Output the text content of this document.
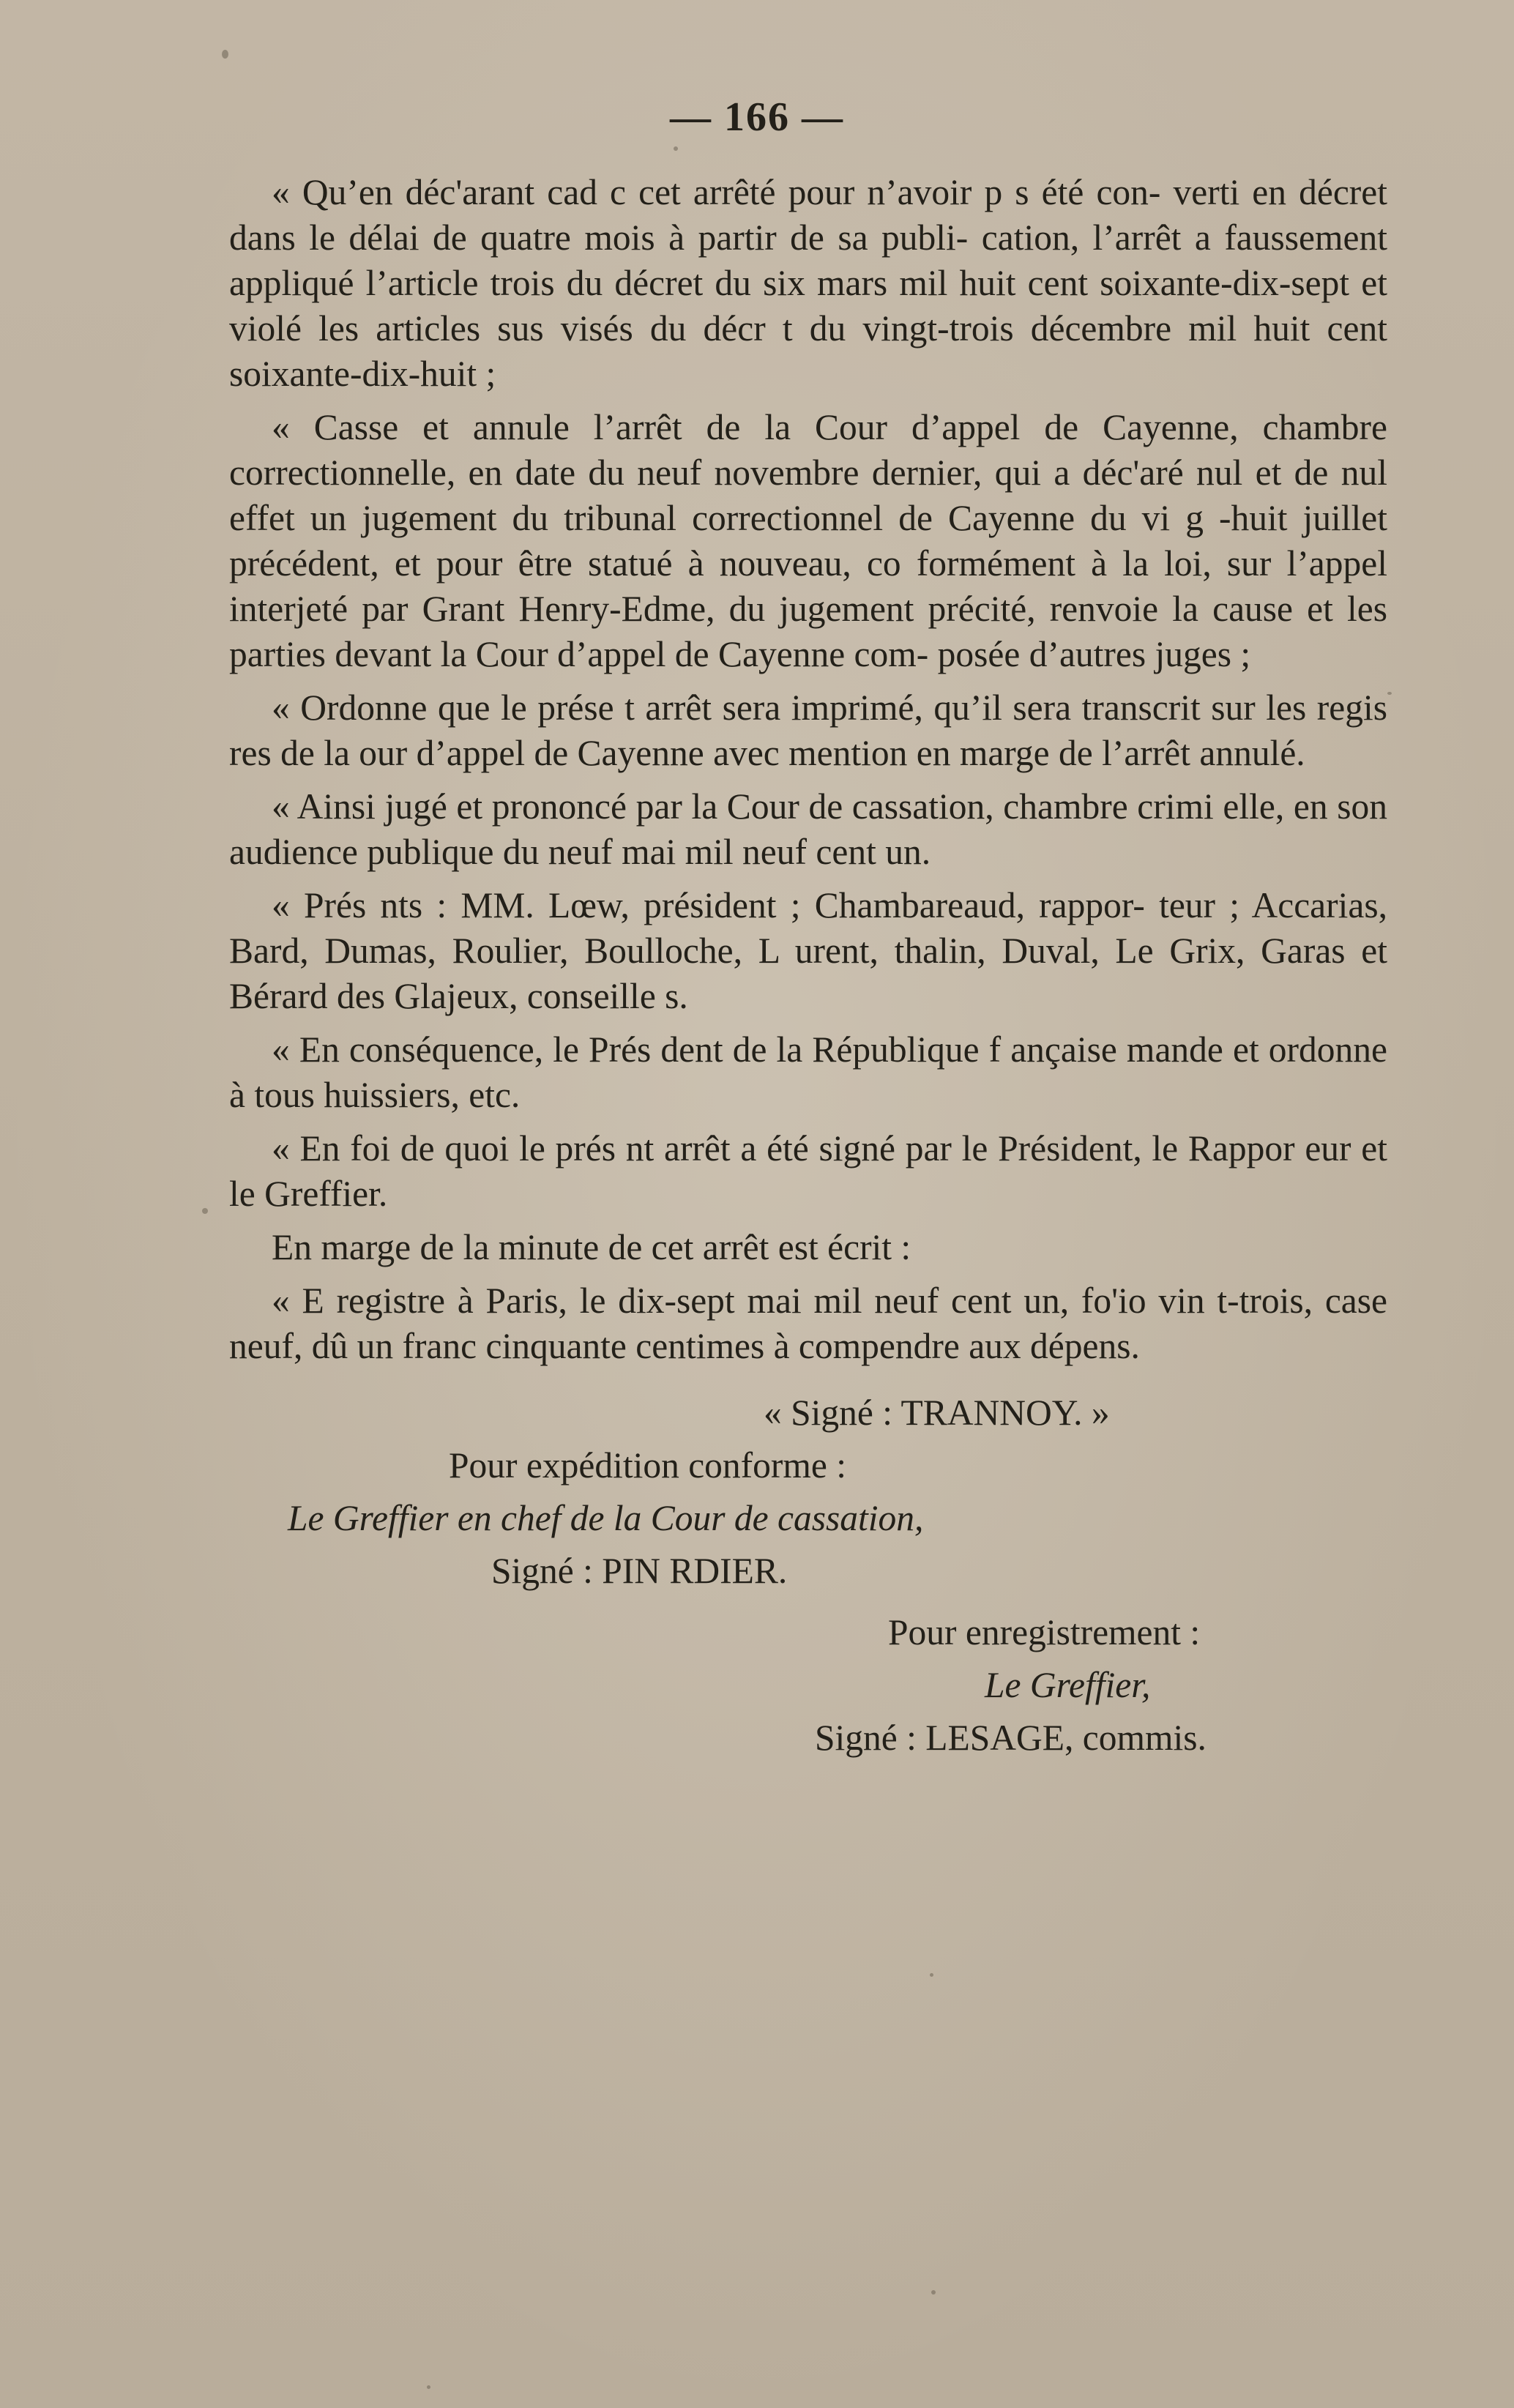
— 166 —

« Qu’en déc'arant cad c cet arrêté pour n’avoir p s été con- verti en décret dans le délai de quatre mois à partir de sa publi- cation, l’arrêt a faussement appliqué l’article trois du décret du six mars mil huit cent soixante-dix-sept et violé les articles sus visés du décr t du vingt-trois décembre mil huit cent soixante-dix-huit ;

« Casse et annule l’arrêt de la Cour d’appel de Cayenne, chambre correctionnelle, en date du neuf novembre dernier, qui a déc'aré nul et de nul effet un jugement du tribunal correctionnel de Cayenne du vi g -huit juillet précédent, et pour être statué à nouveau, co formément à la loi, sur l’appel interjeté par Grant Henry-Edme, du jugement précité, renvoie la cause et les parties devant la Cour d’appel de Cayenne com- posée d’autres juges ;

« Ordonne que le prése t arrêt sera imprimé, qu’il sera transcrit sur les regis res de la our d’appel de Cayenne avec mention en marge de l’arrêt annulé.

« Ainsi jugé et prononcé par la Cour de cassation, chambre crimi elle, en son audience publique du neuf mai mil neuf cent un.

« Prés nts : MM. Lœw, président ; Chambareaud, rappor- teur ; Accarias, Bard, Dumas, Roulier, Boulloche, L urent, thalin, Duval, Le Grix, Garas et Bérard des Glajeux, conseille s.

« En conséquence, le Prés dent de la République f ançaise mande et ordonne à tous huissiers, etc.

« En foi de quoi le prés nt arrêt a été signé par le Président, le Rappor eur et le Greffier.

En marge de la minute de cet arrêt est écrit :

« E registre à Paris, le dix-sept mai mil neuf cent un, fo'io vin t-trois, case neuf, dû un franc cinquante centimes à compendre aux dépens.

« Signé : TRANNOY. »

Pour expédition conforme :

Le Greffier en chef de la Cour de cassation,

Signé : PIN RDIER.

Pour enregistrement :

Le Greffier,

Signé : LESAGE, commis.
